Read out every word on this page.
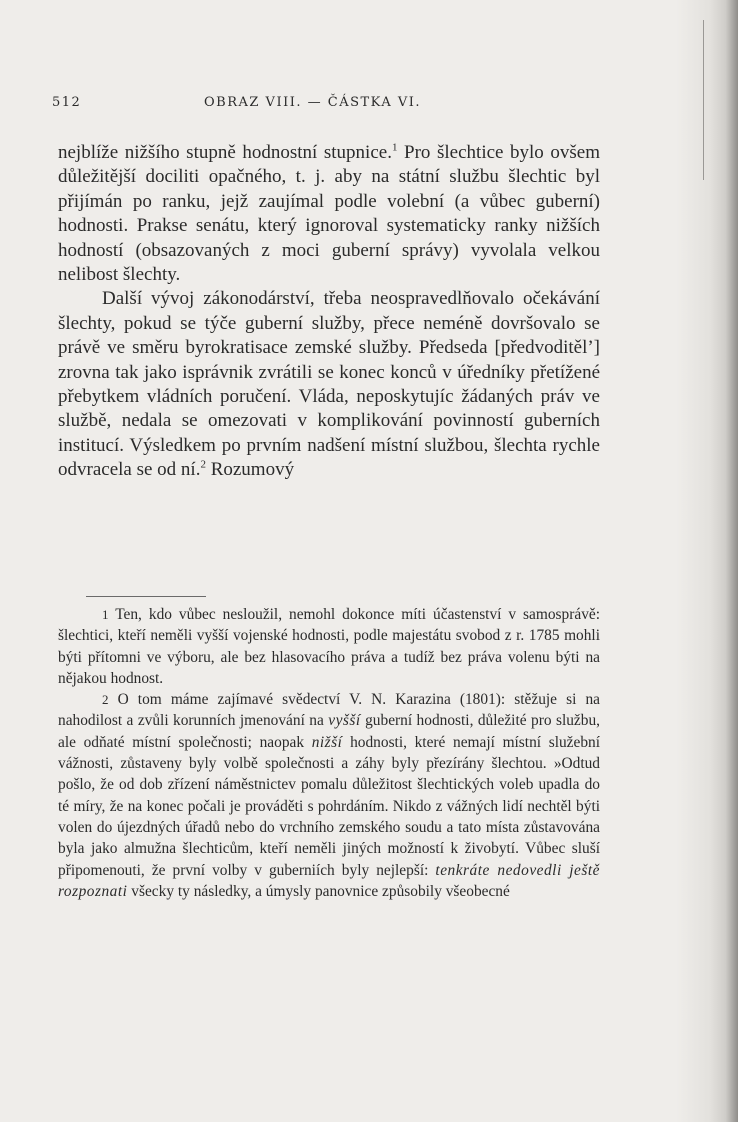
512	OBRAZ VIII. — ČÁSTKA VI.

nejblíže nižšího stupně hodnostní stupnice.$^1$ Pro šlechtice bylo ovšem důležitější dociliti opačného, t. j. aby na státní službu šlechtic byl přijímán po ranku, jejž zaujímal podle volební (a vůbec guberní) hodnosti. Prakse senátu, který ignoroval systematicky ranky nižších hodností (obsazovaných z moci guberní správy) vyvolala velkou nelibost šlechty.

Další vývoj zákonodárství, třeba neospravedlňovalo očekávání šlechty, pokud se týče guberní služby, přece neméně dovršovalo se právě ve směru byrokratisace zemské služby. Předseda [předvoditěl’] zrovna tak jako isprávnik zvrátili se konec konců v úředníky přetížené přebytkem vládních poručení. Vláda, neposkytujíc žádaných práv ve službě, nedala se omezovati v komplikování povinností guberních institucí. Výsledkem po prvním nadšení místní službou, šlechta rychle odvracela se od ní.$^2$ Rozumový

1 Ten, kdo vůbec nesloužil, nemohl dokonce míti účastenství v samosprávě: šlechtici, kteří neměli vyšší vojenské hodnosti, podle majestátu svobod z r. 1785 mohli býti přítomni ve výboru, ale bez hlasovacího práva a tudíž bez práva volenu býti na nějakou hodnost.

2 O tom máme zajímavé svědectví V. N. Karazina (1801): stěžuje si na nahodilost a zvůli korunních jmenování na vyšší guberní hodnosti, důležité pro službu, ale odňaté místní společnosti; naopak nižší hodnosti, které nemají místní služební vážnosti, zůstaveny byly volbě společnosti a záhy byly přezírány šlechtou. »Odtud pošlo, že od dob zřízení náměstnictev pomalu důležitost šlechtických voleb upadla do té míry, že na konec počali je prováděti s pohrdáním. Nikdo z vážných lidí nechtěl býti volen do újezdných úřadů nebo do vrchního zemského soudu a tato místa zůstavována byla jako almužna šlechticům, kteří neměli jiných možností k živobytí. Vůbec sluší připomenouti, že první volby v guberniích byly nejlepší: tenkráte nedovedli ještě rozpoznati všecky ty následky, a úmysly panovnice způsobily všeobecné
